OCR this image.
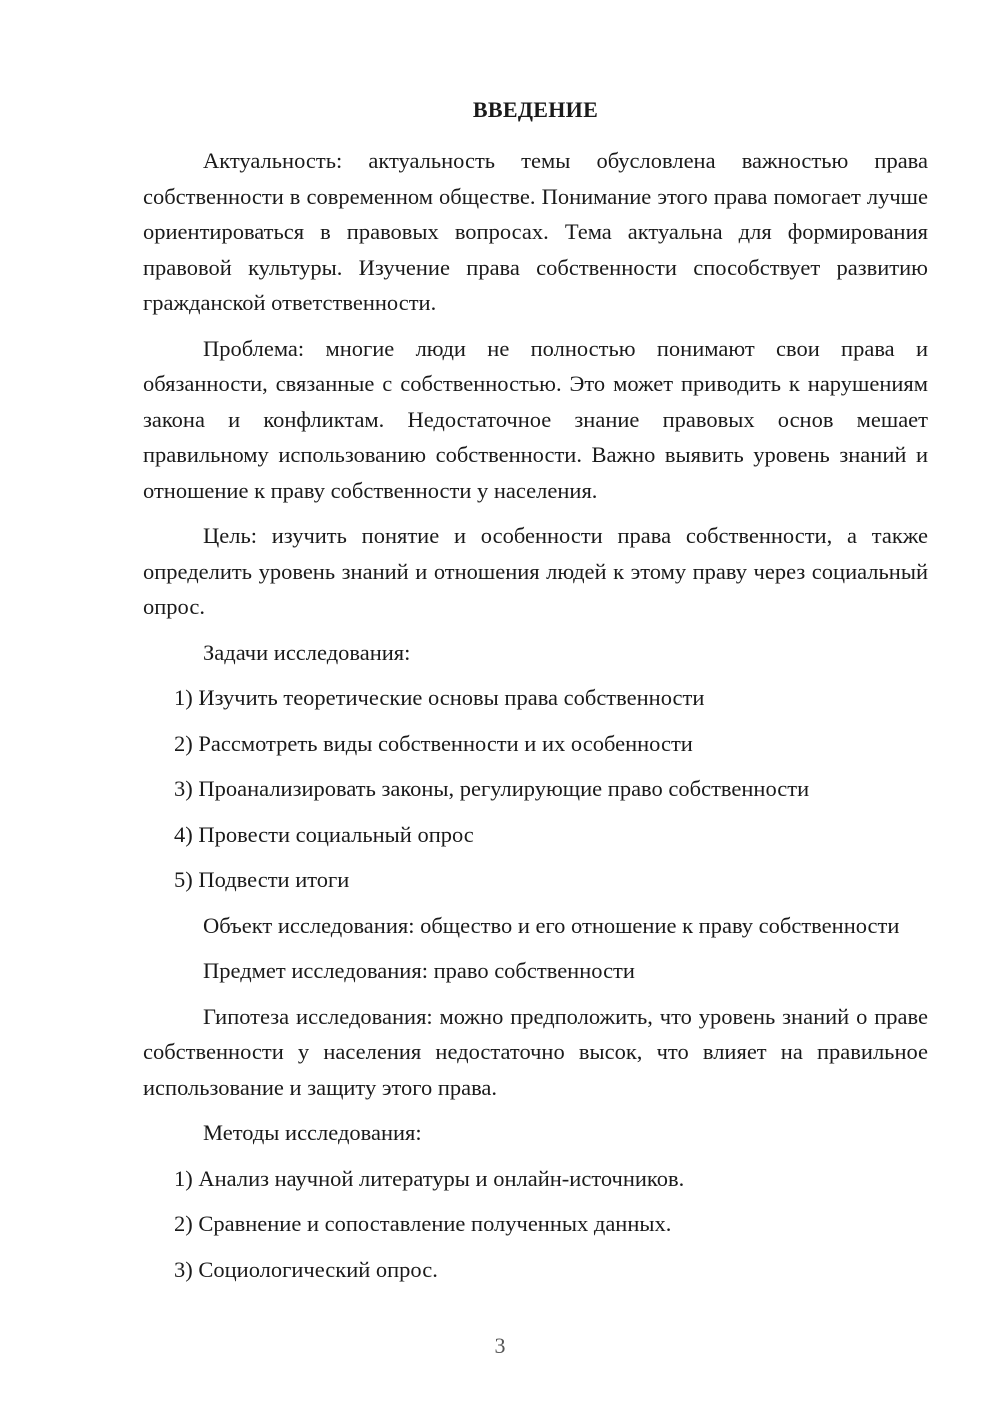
ВВЕДЕНИЕ

Актуальность: актуальность темы обусловлена важностью права собственности в современном обществе. Понимание этого права помогает лучше ориентироваться в правовых вопросах. Тема актуальна для формирования правовой культуры. Изучение права собственности способствует развитию гражданской ответственности.

Проблема: многие люди не полностью понимают свои права и обязанности, связанные с собственностью. Это может приводить к нарушениям закона и конфликтам. Недостаточное знание правовых основ мешает правильному использованию собственности. Важно выявить уровень знаний и отношение к праву собственности у населения.

Цель: изучить понятие и особенности права собственности, а также определить уровень знаний и отношения людей к этому праву через социальный опрос.

Задачи исследования:
1) Изучить теоретические основы права собственности
2) Рассмотреть виды собственности и их особенности
3) Проанализировать законы, регулирующие право собственности
4) Провести социальный опрос
5) Подвести итоги

Объект исследования: общество и его отношение к праву собственности

Предмет исследования: право собственности

Гипотеза исследования: можно предположить, что уровень знаний о праве собственности у населения недостаточно высок, что влияет на правильное использование и защиту этого права.

Методы исследования:
1) Анализ научной литературы и онлайн-источников.
2) Сравнение и сопоставление полученных данных.
3) Социологический опрос.
3
